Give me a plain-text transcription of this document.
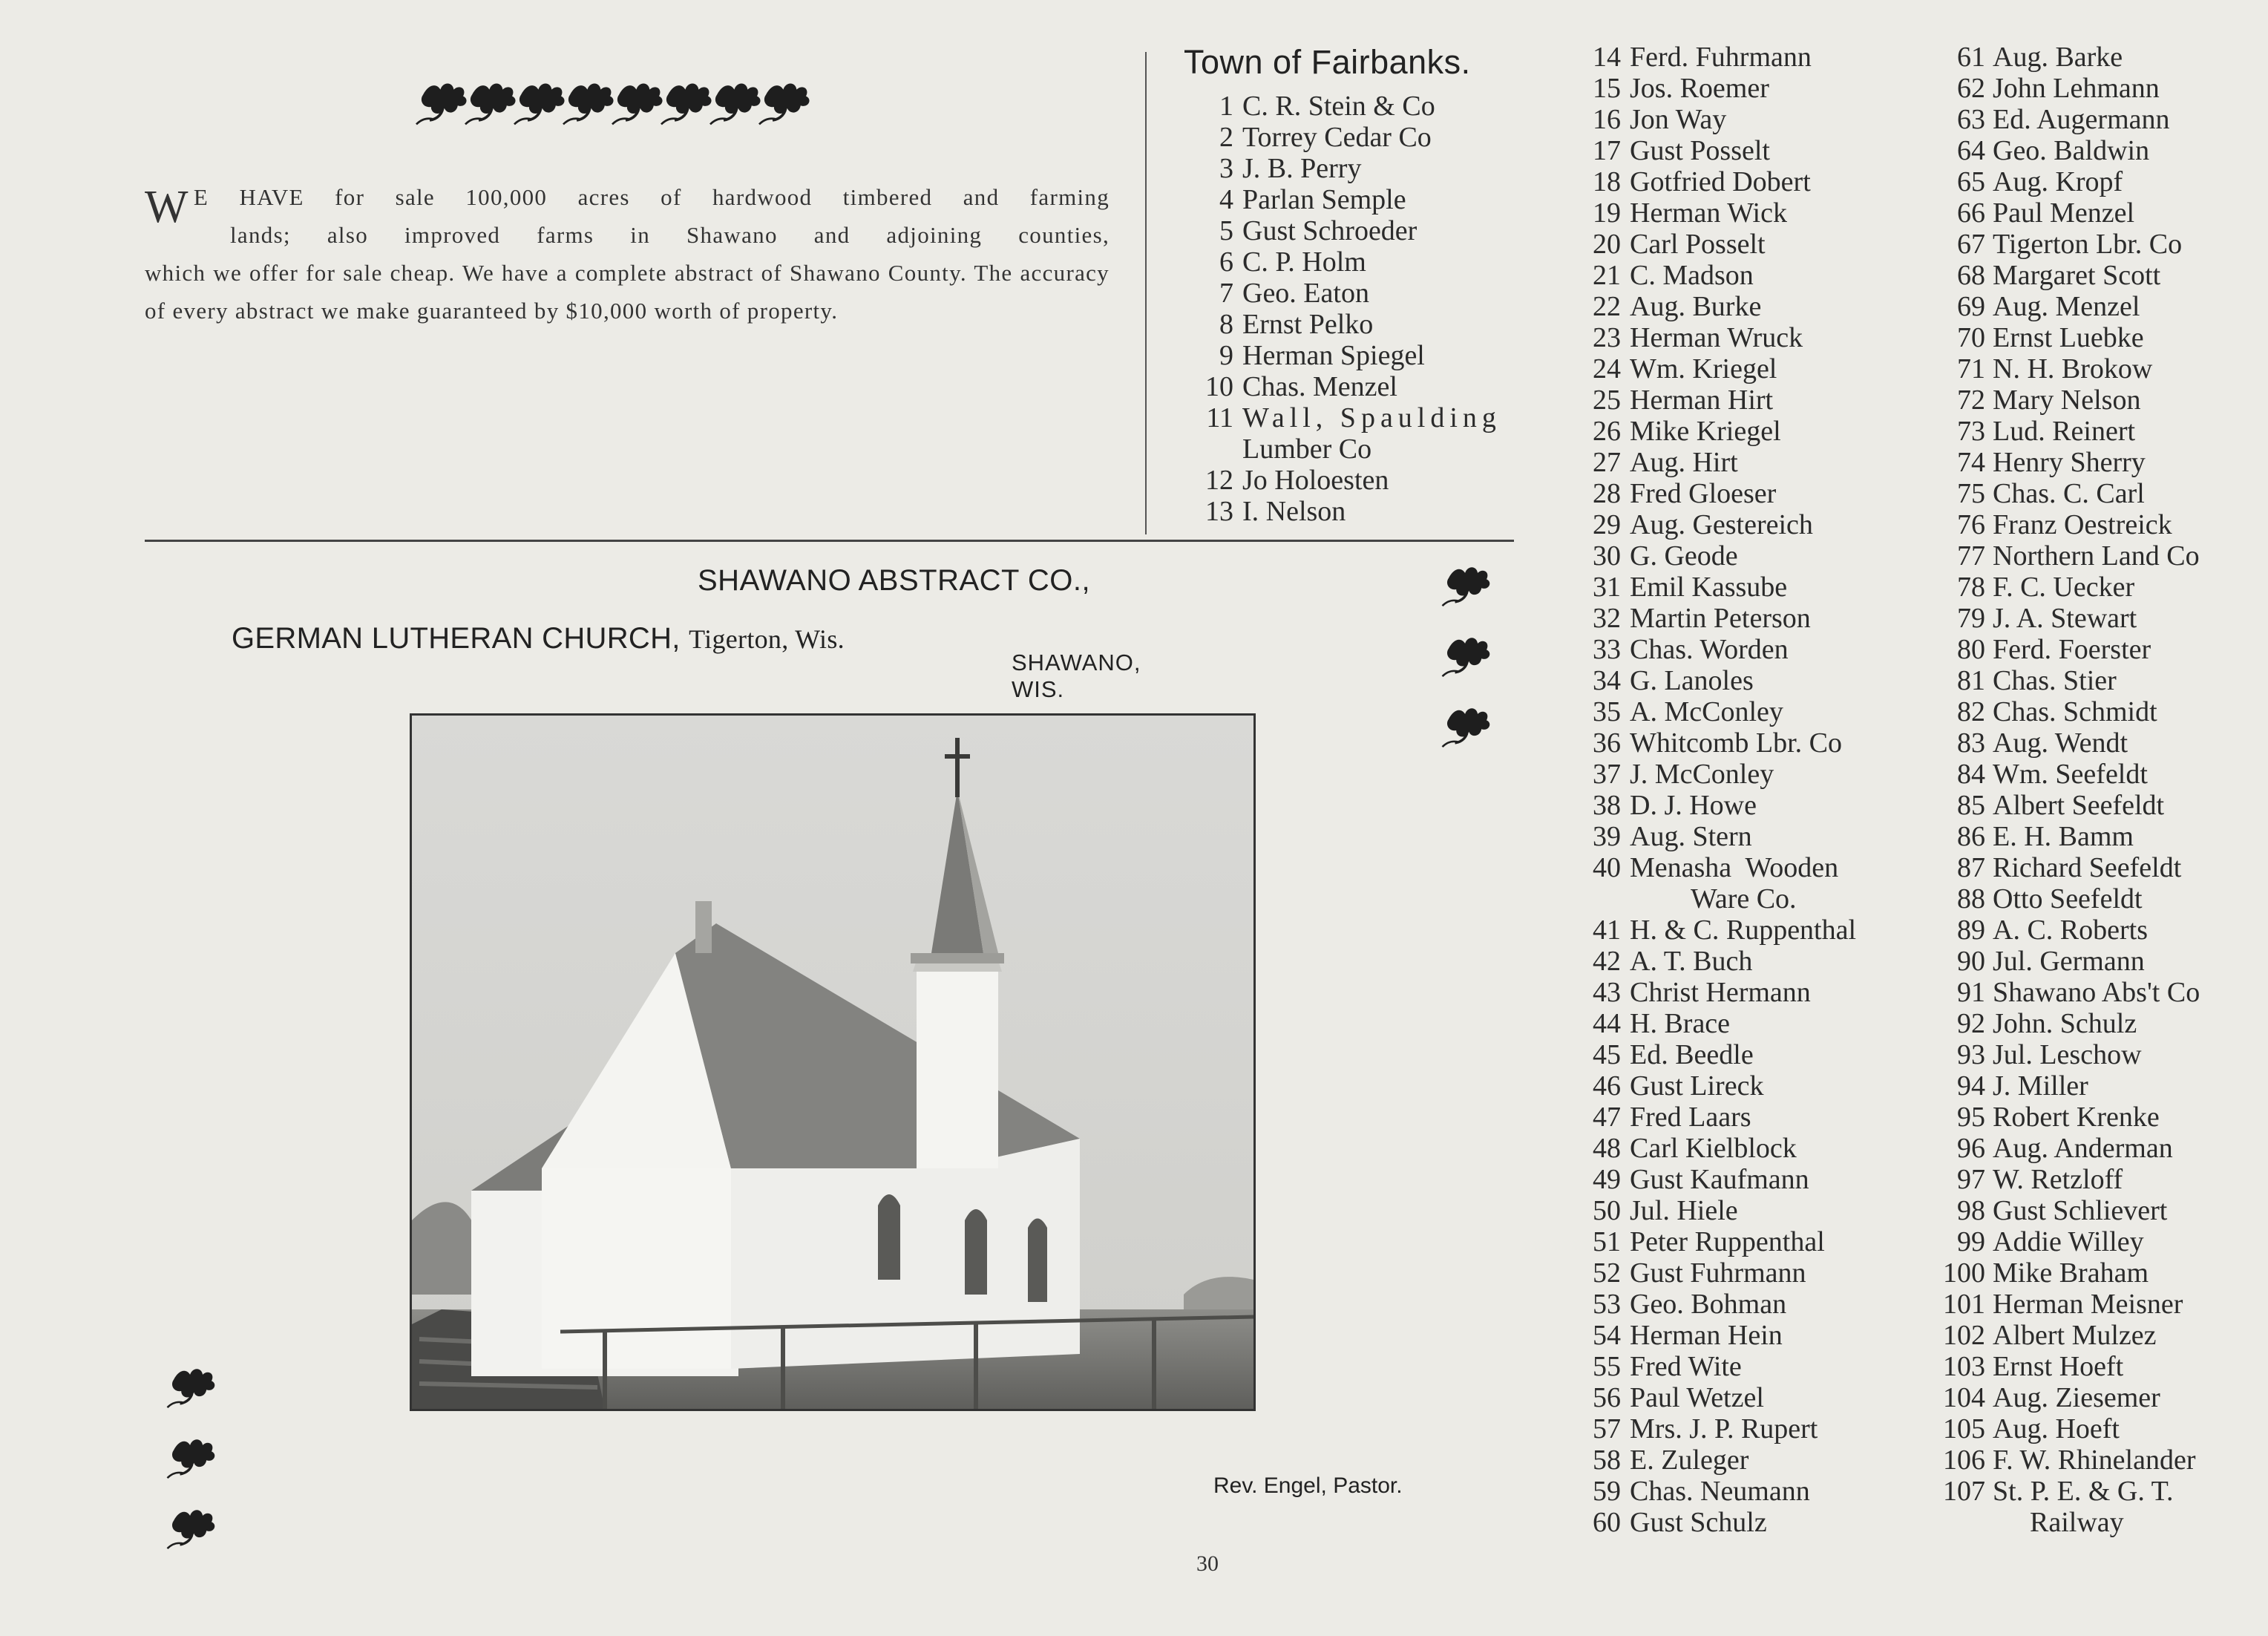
W E HAVE for sale 100,000 acres of hardwood timbered and farming
lands; also improved farms in Shawano and adjoining counties,
which we offer for sale cheap. We have a complete abstract of Shawano County. The accuracy of every abstract we make guaranteed by $10,000 worth of property.
SHAWANO ABSTRACT CO.,
SHAWANO, WIS.
GERMAN LUTHERAN CHURCH, Tigerton, Wis.
Rev. Engel, Pastor.
30
Town of Fairbanks.
1 C. R. Stein & Co
2 Torrey Cedar Co
3 J. B. Perry
4 Parlan Semple
5 Gust Schroeder
6 C. P. Holm
7 Geo. Eaton
8 Ernst Pelko
9 Herman Spiegel
10 Chas. Menzel
11 Wall, Spaulding
Lumber Co
12 Jo Holoesten
13 I. Nelson
14 Ferd. Fuhrmann
15 Jos. Roemer
16 Jon Way
17 Gust Posselt
18 Gotfried Dobert
19 Herman Wick
20 Carl Posselt
21 C. Madson
22 Aug. Burke
23 Herman Wruck
24 Wm. Kriegel
25 Herman Hirt
26 Mike Kriegel
27 Aug. Hirt
28 Fred Gloeser
29 Aug. Gestereich
30 G. Geode
31 Emil Kassube
32 Martin Peterson
33 Chas. Worden
34 G. Lanoles
35 A. McConley
36 Whitcomb Lbr. Co
37 J. McConley
38 D. J. Howe
39 Aug. Stern
40 Menasha  Wooden
Ware Co.
41 H. & C. Ruppenthal
42 A. T. Buch
43 Christ Hermann
44 H. Brace
45 Ed. Beedle
46 Gust Lireck
47 Fred Laars
48 Carl Kielblock
49 Gust Kaufmann
50 Jul. Hiele
51 Peter Ruppenthal
52 Gust Fuhrmann
53 Geo. Bohman
54 Herman Hein
55 Fred Wite
56 Paul Wetzel
57 Mrs. J. P. Rupert
58 E. Zuleger
59 Chas. Neumann
60 Gust Schulz
61 Aug. Barke
62 John Lehmann
63 Ed. Augermann
64 Geo. Baldwin
65 Aug. Kropf
66 Paul Menzel
67 Tigerton Lbr. Co
68 Margaret Scott
69 Aug. Menzel
70 Ernst Luebke
71 N. H. Brokow
72 Mary Nelson
73 Lud. Reinert
74 Henry Sherry
75 Chas. C. Carl
76 Franz Oestreick
77 Northern Land Co
78 F. C. Uecker
79 J. A. Stewart
80 Ferd. Foerster
81 Chas. Stier
82 Chas. Schmidt
83 Aug. Wendt
84 Wm. Seefeldt
85 Albert Seefeldt
86 E. H. Bamm
87 Richard Seefeldt
88 Otto Seefeldt
89 A. C. Roberts
90 Jul. Germann
91 Shawano Abs't Co
92 John. Schulz
93 Jul. Leschow
94 J. Miller
95 Robert Krenke
96 Aug. Anderman
97 W. Retzloff
98 Gust Schlievert
99 Addie Willey
100 Mike Braham
101 Herman Meisner
102 Albert Mulzez
103 Ernst Hoeft
104 Aug. Ziesemer
105 Aug. Hoeft
106 F. W. Rhinelander
107 St. P. E. & G. T.
Railway
